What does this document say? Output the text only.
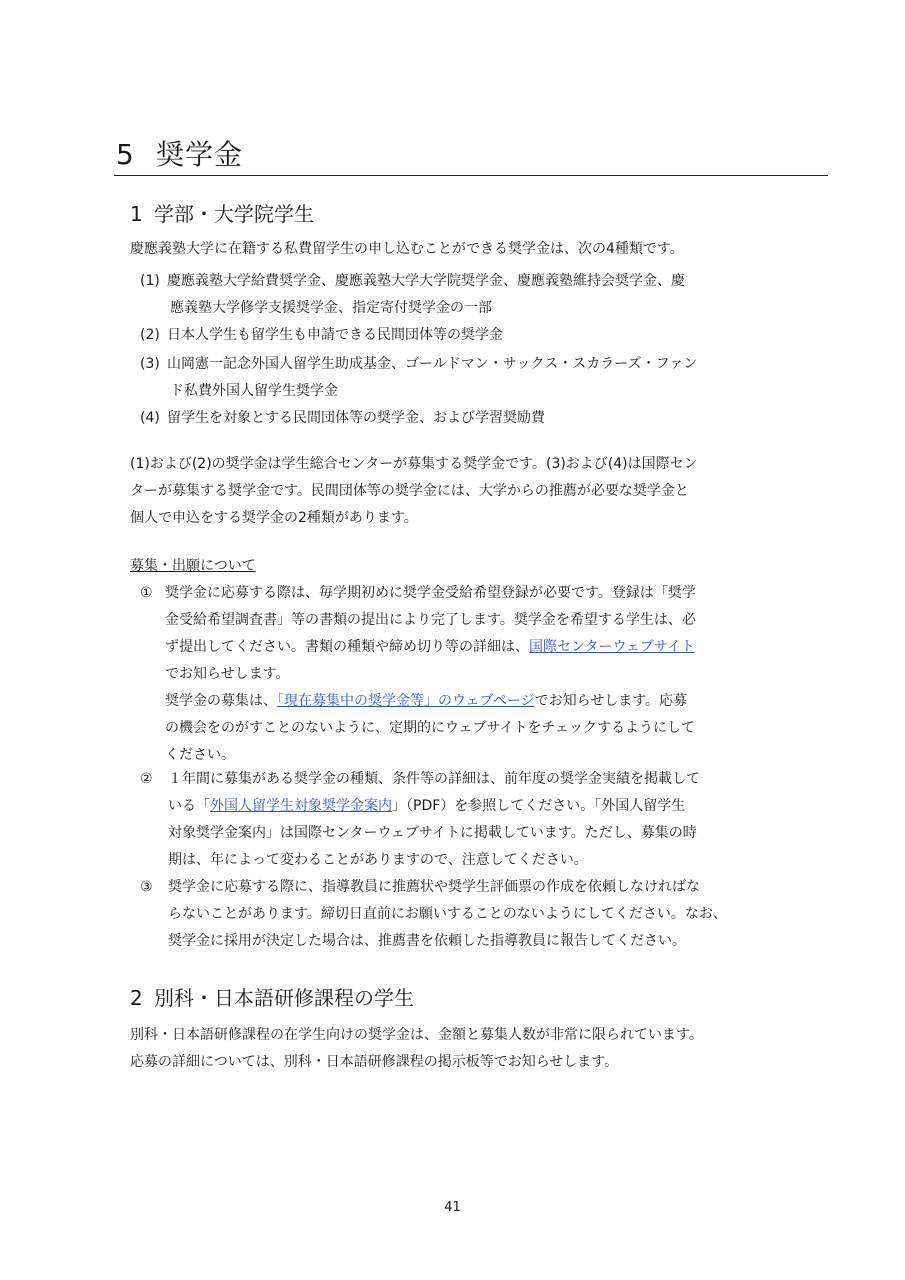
5 奨学金
1 学部・大学院学生
慶應義塾大学に在籍する私費留学生の申し込むことができる奨学金は、次の4種類です。
(1) 慶應義塾大学給費奨学金、慶應義塾大学大学院奨学金、慶應義塾維持会奨学金、慶
應義塾大学修学支援奨学金、指定寄付奨学金の一部
(2) 日本人学生も留学生も申請できる民間団体等の奨学金
(3) 山岡憲一記念外国人留学生助成基金、ゴールドマン・サックス・スカラーズ・ファン
ド私費外国人留学生奨学金
(4) 留学生を対象とする民間団体等の奨学金、および学習奨励費
(1)および(2)の奨学金は学生総合センターが募集する奨学金です。(3)および(4)は国際セン
ターが募集する奨学金です。民間団体等の奨学金には、大学からの推薦が必要な奨学金と
個人で申込をする奨学金の2種類があります。
募集・出願について
① 奨学金に応募する際は、毎学期初めに奨学金受給希望登録が必要です。登録は「奨学
金受給希望調査書」等の書類の提出により完了します。奨学金を希望する学生は、必
ず提出してください。書類の種類や締め切り等の詳細は、国際センターウェブサイト
でお知らせします。
奨学金の募集は、「現在募集中の奨学金等」のウェブページでお知らせします。応募
の機会をのがすことのないように、定期的にウェブサイトをチェックするようにして
ください。
② １年間に募集がある奨学金の種類、条件等の詳細は、前年度の奨学金実績を掲載して
いる「外国人留学生対象奨学金案内」（PDF）を参照してください。「外国人留学生
対象奨学金案内」は国際センターウェブサイトに掲載しています。ただし、募集の時
期は、年によって変わることがありますので、注意してください。
③ 奨学金に応募する際に、指導教員に推薦状や奨学生評価票の作成を依頼しなければな
らないことがあります。締切日直前にお願いすることのないようにしてください。なお、
奨学金に採用が決定した場合は、推薦書を依頼した指導教員に報告してください。
2 別科・日本語研修課程の学生
別科・日本語研修課程の在学生向けの奨学金は、金額と募集人数が非常に限られています。
応募の詳細については、別科・日本語研修課程の掲示板等でお知らせします。
41
